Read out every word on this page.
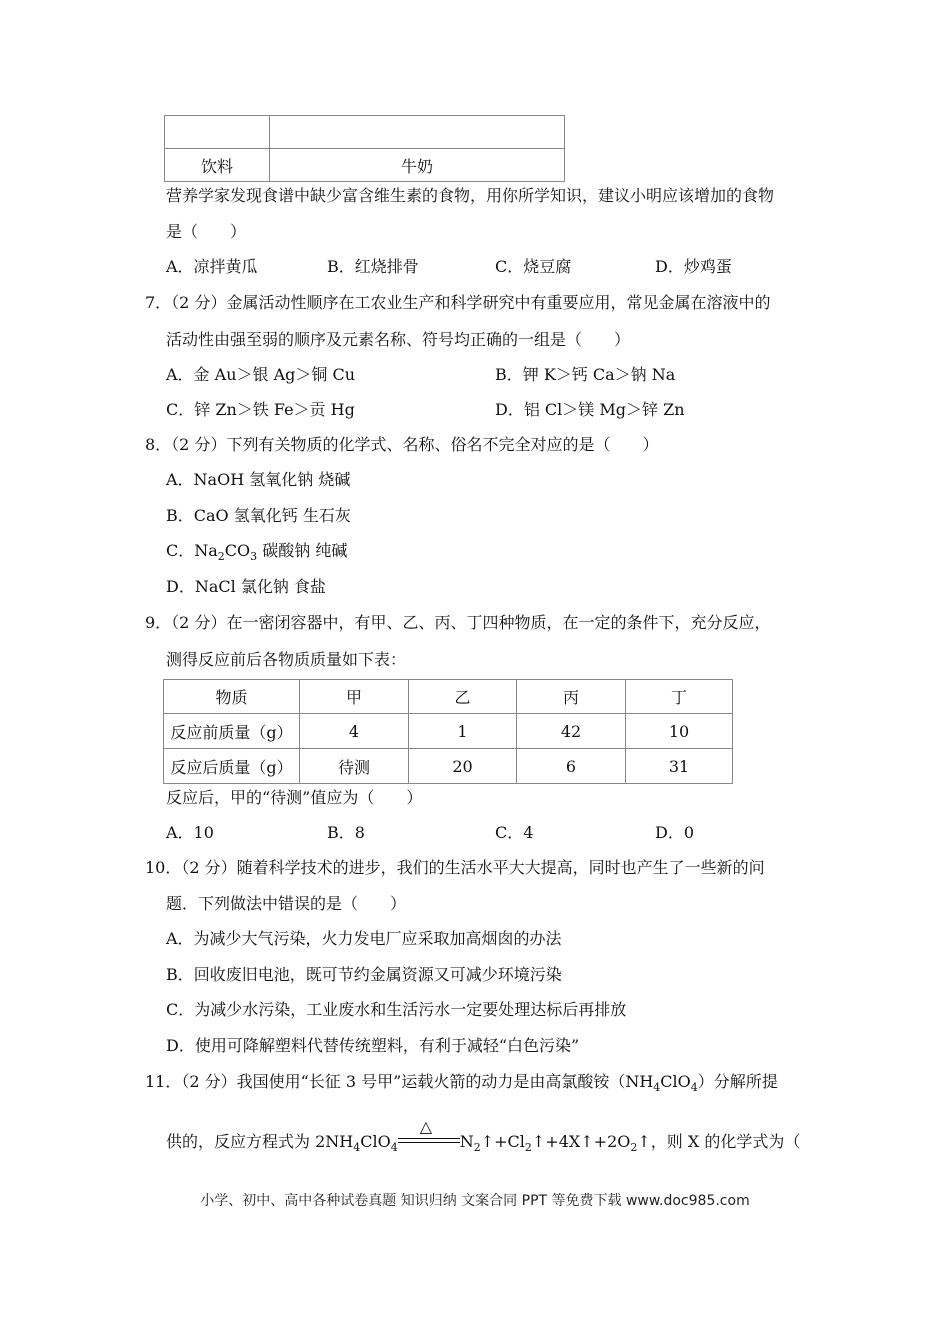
饮料	牛奶
营养学家发现食谱中缺少富含维生素的食物，用你所学知识，建议小明应该增加的食物
是（　　）
A．凉拌黄瓜	B．红烧排骨	C．烧豆腐	D．炒鸡蛋
7．（2 分）金属活动性顺序在工农业生产和科学研究中有重要应用，常见金属在溶液中的
活动性由强至弱的顺序及元素名称、符号均正确的一组是（　　）
A．金 Au＞银 Ag＞铜 Cu	B．钾 K＞钙 Ca＞钠 Na
C．锌 Zn＞铁 Fe＞贡 Hg	D．铝 Cl＞镁 Mg＞锌 Zn
8．（2 分）下列有关物质的化学式、名称、俗名不完全对应的是（　　）
A．NaOH 氢氧化钠 烧碱
B．CaO 氢氧化钙 生石灰
C．$Na_2CO_3$ 碳酸钠 纯碱
D．NaCl 氯化钠 食盐
9．（2 分）在一密闭容器中，有甲、乙、丙、丁四种物质，在一定的条件下，充分反应，
测得反应前后各物质质量如下表：
物质	甲	乙	丙	丁
反应前质量（g）	4	1	42	10
反应后质量（g）	待测	20	6	31
反应后，甲的“待测”值应为（　　）
A．10	B．8	C．4	D．0
10．（2 分）随着科学技术的进步，我们的生活水平大大提高，同时也产生了一些新的问
题．下列做法中错误的是（　　）
A．为减少大气污染，火力发电厂应采取加高烟囱的办法
B．回收废旧电池，既可节约金属资源又可减少环境污染
C．为减少水污染，工业废水和生活污水一定要处理达标后再排放
D．使用可降解塑料代替传统塑料，有利于减轻“白色污染”
11．（2 分）我国使用“长征 3 号甲”运载火箭的动力是由高氯酸铵$(NH_4ClO_4)$分解所提
供的，反应方程式为 $2NH_4ClO_4$
△
$N_2↑+Cl_2↑+4X↑+2O_2↑$，则 X 的化学式为（
小学、初中、高中各种试卷真题 知识归纳 文案合同 PPT 等免费下载 www.doc985.com
